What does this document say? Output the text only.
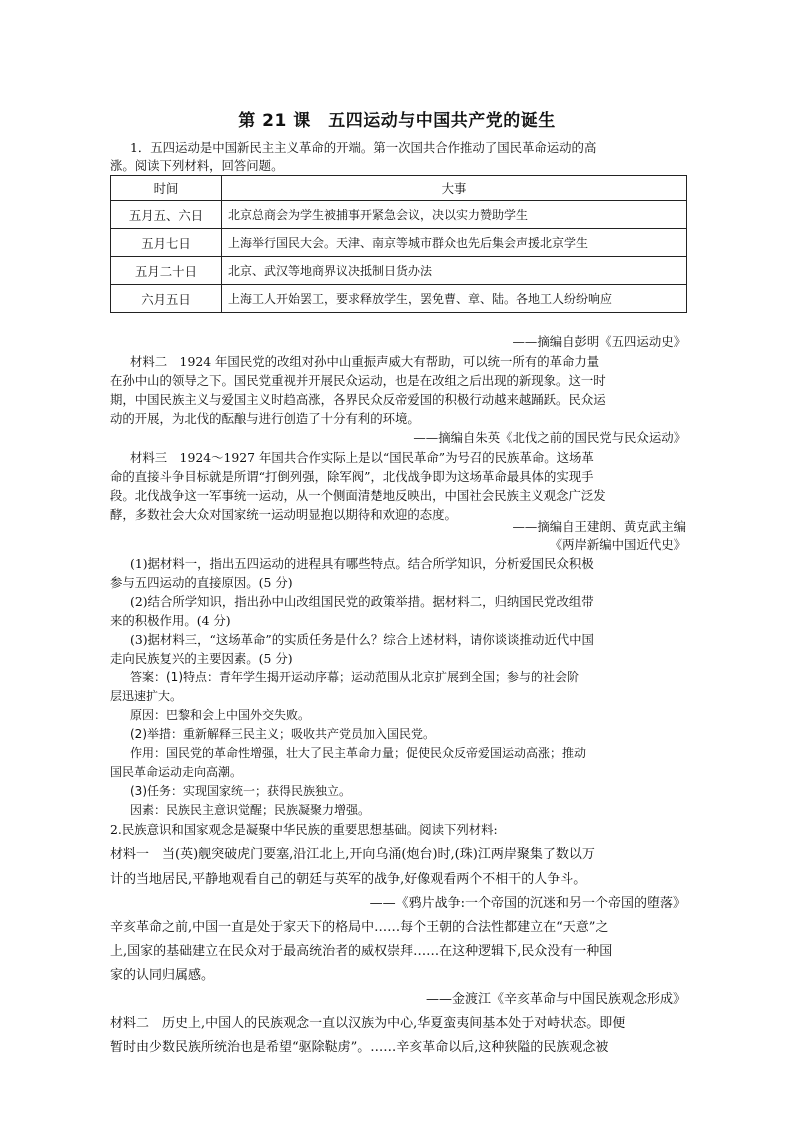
第 21 课　五四运动与中国共产党的诞生
1．五四运动是中国新民主主义革命的开端。第一次国共合作推动了国民革命运动的高
涨。阅读下列材料，回答问题。
时间	大事
五月五、六日	北京总商会为学生被捕事开紧急会议，决以实力赞助学生
五月七日	上海举行国民大会。天津、南京等城市群众也先后集会声援北京学生
五月二十日	北京、武汉等地商界议决抵制日货办法
六月五日	上海工人开始罢工，要求释放学生，罢免曹、章、陆。各地工人纷纷响应
——摘编自彭明《五四运动史》
材料二　1924 年国民党的改组对孙中山重振声威大有帮助，可以统一所有的革命力量
在孙中山的领导之下。国民党重视并开展民众运动，也是在改组之后出现的新现象。这一时
期，中国民族主义与爱国主义时趋高涨，各界民众反帝爱国的积极行动越来越踊跃。民众运
动的开展，为北伐的酝酿与进行创造了十分有利的环境。
——摘编自朱英《北伐之前的国民党与民众运动》
材料三　1924～1927 年国共合作实际上是以“国民革命”为号召的民族革命。这场革
命的直接斗争目标就是所谓“打倒列强，除军阀”，北伐战争即为这场革命最具体的实现手
段。北伐战争这一军事统一运动，从一个侧面清楚地反映出，中国社会民族主义观念广泛发
酵，多数社会大众对国家统一运动明显抱以期待和欢迎的态度。
——摘编自王建朗、黄克武主编
《两岸新编中国近代史》
(1)据材料一，指出五四运动的进程具有哪些特点。结合所学知识，分析爱国民众积极
参与五四运动的直接原因。(5 分)
(2)结合所学知识，指出孙中山改组国民党的政策举措。据材料二，归纳国民党改组带
来的积极作用。(4 分)
(3)据材料三，“这场革命”的实质任务是什么？综合上述材料，请你谈谈推动近代中国
走向民族复兴的主要因素。(5 分)
答案：(1)特点：青年学生揭开运动序幕；运动范围从北京扩展到全国；参与的社会阶
层迅速扩大。
原因：巴黎和会上中国外交失败。
(2)举措：重新解释三民主义；吸收共产党员加入国民党。
作用：国民党的革命性增强，壮大了民主革命力量；促使民众反帝爱国运动高涨；推动
国民革命运动走向高潮。
(3)任务：实现国家统一；获得民族独立。
因素：民族民主意识觉醒；民族凝聚力增强。
2.民族意识和国家观念是凝聚中华民族的重要思想基础。阅读下列材料:
材料一　当(英)舰突破虎门要塞,沿江北上,开向乌涌(炮台)时,(珠)江两岸聚集了数以万
计的当地居民,平静地观看自己的朝廷与英军的战争,好像观看两个不相干的人争斗。
——《鸦片战争:一个帝国的沉迷和另一个帝国的堕落》
辛亥革命之前,中国一直是处于家天下的格局中……每个王朝的合法性都建立在“天意”之
上,国家的基础建立在民众对于最高统治者的威权崇拜……在这种逻辑下,民众没有一种国
家的认同归属感。
——金渡江《辛亥革命与中国民族观念形成》
材料二　历史上,中国人的民族观念一直以汉族为中心,华夏蛮夷间基本处于对峙状态。即便
暂时由少数民族所统治也是希望“驱除鞑虏”。……辛亥革命以后,这种狭隘的民族观念被
